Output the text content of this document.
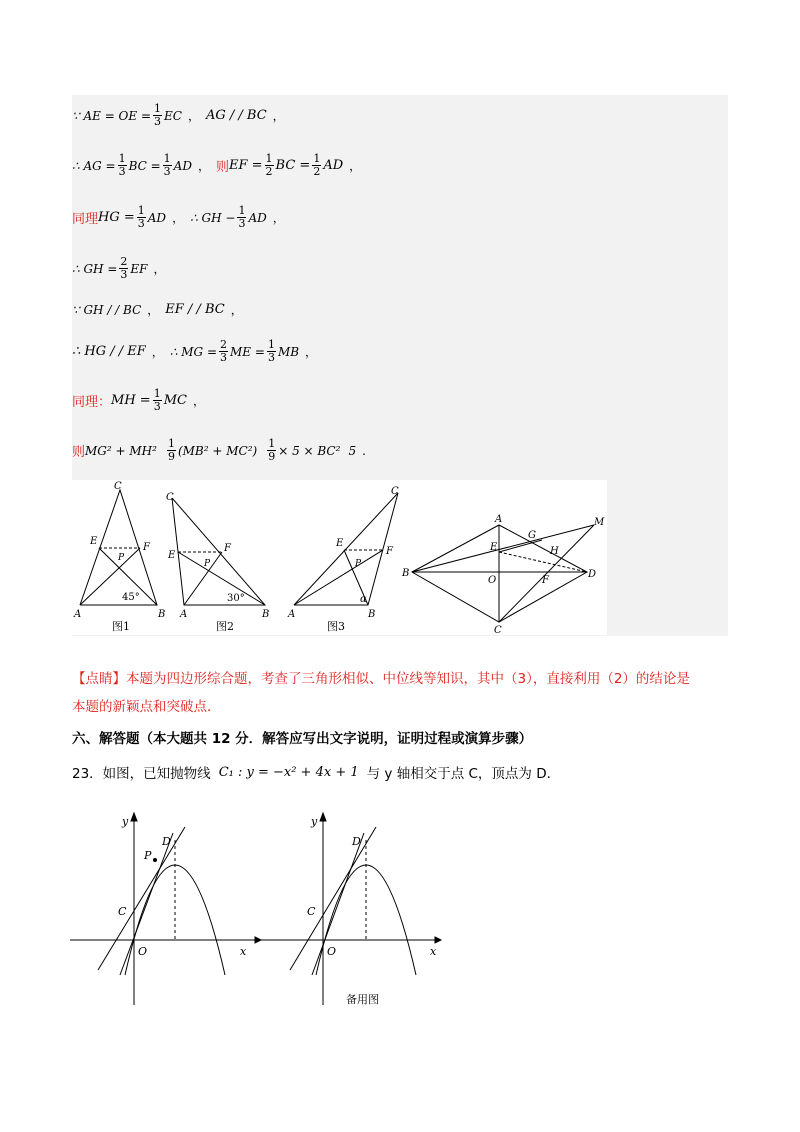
∵ AE = OE = $\frac{1}{3}$ EC ， AG / / BC ，
∴ AG = $\frac{1}{3}$ BC = $\frac{1}{3}$ AD ， 则 EF = $\frac{1}{2}$ BC = $\frac{1}{2}$ AD ，
同理 HG = $\frac{1}{3}$ AD ， ∴ GH − $\frac{1}{3}$ AD ，
∴ GH = $\frac{2}{3}$ EF ，
∵ GH / / BC ， EF / / BC ，
∴ HG / / EF ， ∴ MG = $\frac{2}{3}$ ME = $\frac{1}{3}$ MB ，
同理： MH = $\frac{1}{3}$ MC ，
则 $MG^2 + MH^2 \frac{1}{9} (MB^2 + MC^2) \frac{1}{9} \times 5 \times BC^2$ 5 .
C
E
F
P
A	B
45°
图1
C
E
F
P
A	B
30°
图2
C
E
F
P
A	B
α
图3
A
E
G
H
M
B
O	F
D
C
【点睛】本题为四边形综合题，考查了三角形相似、中位线等知识，其中（3），直接利用（2）的结论是
本题的新颖点和突破点．
六、解答题（本大题共 12 分．解答应写出文字说明，证明过程或演算步骤）
23．如图，已知抛物线 C₁ : y = −x² + 4x + 1 与 y 轴相交于点 C，顶点为 D．
y
x
O
C
D
P
y
x
O
C
D
备用图
